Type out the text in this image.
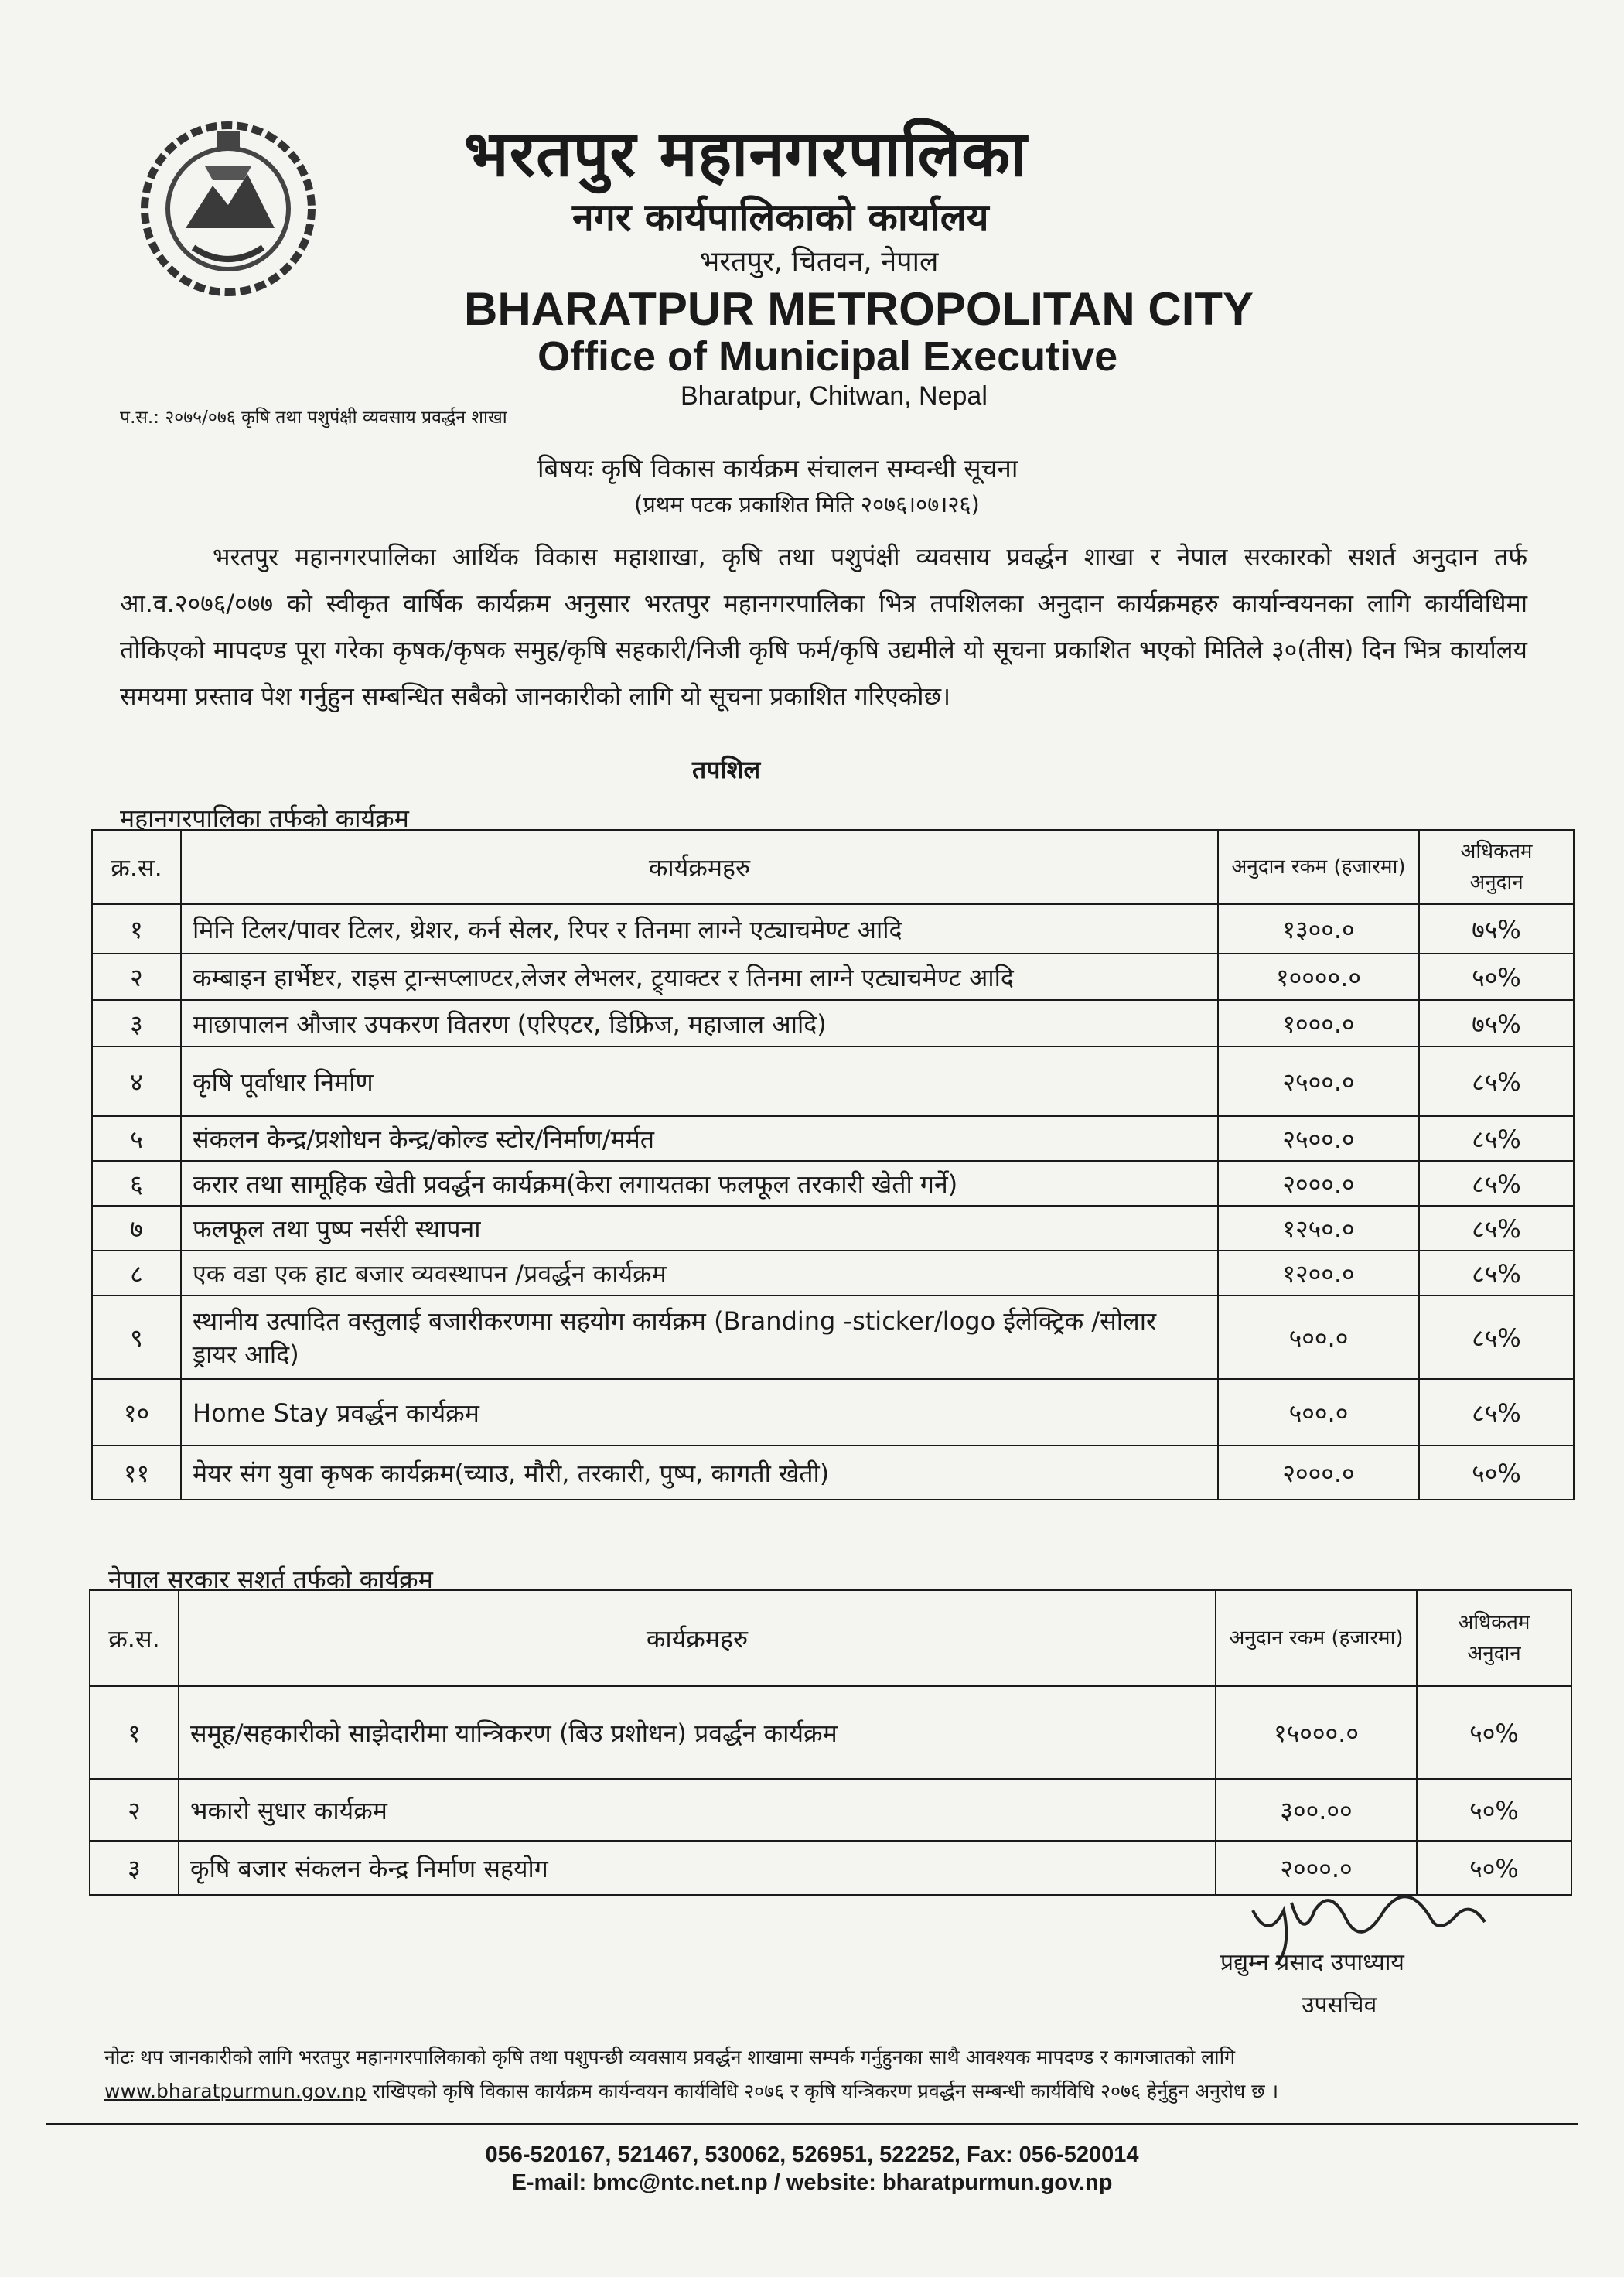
भरतपुर महानगरपालिका
नगर कार्यपालिकाको कार्यालय
भरतपुर, चितवन, नेपाल
BHARATPUR METROPOLITAN CITY
Office of Municipal Executive
Bharatpur, Chitwan, Nepal
प.स.: २०७५/०७६ कृषि तथा पशुपंक्षी व्यवसाय प्रवर्द्धन शाखा
बिषयः कृषि विकास कार्यक्रम संचालन सम्वन्धी सूचना
(प्रथम पटक प्रकाशित मिति २०७६।०७।२६)
भरतपुर महानगरपालिका आर्थिक विकास महाशाखा, कृषि तथा पशुपंक्षी व्यवसाय प्रवर्द्धन शाखा र नेपाल सरकारको सशर्त अनुदान तर्फ आ.व.२०७६/०७७ को स्वीकृत वार्षिक कार्यक्रम अनुसार भरतपुर महानगरपालिका भित्र तपशिलका अनुदान कार्यक्रमहरु कार्यान्वयनका लागि कार्यविधिमा तोकिएको मापदण्ड पूरा गरेका कृषक/कृषक समुह/कृषि सहकारी/निजी कृषि फर्म/कृषि उद्यमीले यो सूचना प्रकाशित भएको मितिले ३०(तीस) दिन भित्र कार्यालय समयमा प्रस्ताव पेश गर्नुहुन सम्बन्धित सबैको जानकारीको लागि यो सूचना प्रकाशित गरिएकोछ।
तपशिल
महानगरपालिका तर्फको कार्यक्रम
क्र.स.	कार्यक्रमहरु	अनुदान रकम (हजारमा)	अधिकतम अनुदान
१	मिनि टिलर/पावर टिलर, थ्रेशर, कर्न सेलर, रिपर र तिनमा लाग्ने एट्याचमेण्ट आदि	१३००.०	७५%
२	कम्बाइन हार्भेष्टर, राइस ट्रान्सप्लाण्टर,लेजर लेभलर, ट्र्याक्टर र तिनमा लाग्ने एट्याचमेण्ट आदि	१००००.०	५०%
३	माछापालन औजार उपकरण वितरण (एरिएटर, डिफ्रिज, महाजाल आदि)	१०००.०	७५%
४	कृषि पूर्वाधार निर्माण	२५००.०	८५%
५	संकलन केन्द्र/प्रशोधन केन्द्र/कोल्ड स्टोर/निर्माण/मर्मत	२५००.०	८५%
६	करार तथा सामूहिक खेती प्रवर्द्धन कार्यक्रम(केरा लगायतका फलफूल तरकारी खेती गर्ने)	२०००.०	८५%
७	फलफूल तथा पुष्प नर्सरी स्थापना	१२५०.०	८५%
८	एक वडा एक हाट बजार व्यवस्थापन /प्रवर्द्धन कार्यक्रम	१२००.०	८५%
९	स्थानीय उत्पादित वस्तुलाई बजारीकरणमा सहयोग कार्यक्रम (Branding -sticker/logo ईलेक्ट्रिक /सोलार ड्रायर आदि)	५००.०	८५%
१०	Home Stay प्रवर्द्धन कार्यक्रम	५००.०	८५%
११	मेयर संग युवा कृषक कार्यक्रम(च्याउ, मौरी, तरकारी, पुष्प, कागती खेती)	२०००.०	५०%
नेपाल सरकार सशर्त तर्फको कार्यक्रम
क्र.स.	कार्यक्रमहरु	अनुदान रकम (हजारमा)	अधिकतम अनुदान
१	समूह/सहकारीको साझेदारीमा यान्त्रिकरण (बिउ प्रशोधन) प्रवर्द्धन कार्यक्रम	१५०००.०	५०%
२	भकारो सुधार कार्यक्रम	३००.००	५०%
३	कृषि बजार संकलन केन्द्र निर्माण सहयोग	२०००.०	५०%
प्रद्युम्न प्रसाद उपाध्याय
उपसचिव
नोटः थप जानकारीको लागि भरतपुर महानगरपालिकाको कृषि तथा पशुपन्छी व्यवसाय प्रवर्द्धन शाखामा सम्पर्क गर्नुहुनका साथै आवश्यक मापदण्ड र कागजातको लागि
www.bharatpurmun.gov.np राखिएको कृषि विकास कार्यक्रम कार्यन्वयन कार्यविधि २०७६ र कृषि यन्त्रिकरण प्रवर्द्धन सम्बन्धी कार्यविधि २०७६ हेर्नुहुन अनुरोध छ ।
056-520167, 521467, 530062, 526951, 522252, Fax: 056-520014
E-mail: bmc@ntc.net.np / website: bharatpurmun.gov.np
